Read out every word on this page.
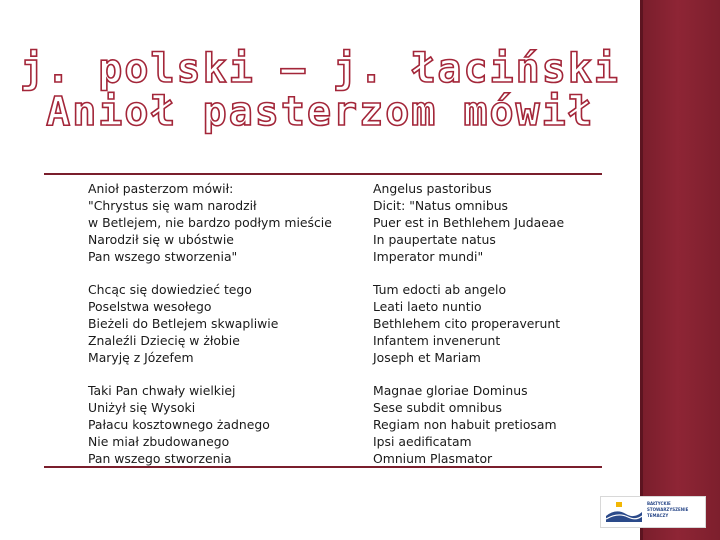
j. polski – j. łaciński
Anioł pasterzom mówił

Anioł pasterzom mówił:
"Chrystus się wam narodził
w Betlejem, nie bardzo podłym mieście
Narodził się w ubóstwie
Pan wszego stworzenia"

Chcąc się dowiedzieć tego
Poselstwa wesołego
Bieżeli do Betlejem skwapliwie
Znaleźli Dziecię w żłobie
Maryję z Józefem

Taki Pan chwały wielkiej
Uniżył się Wysoki
Pałacu kosztownego żadnego
Nie miał zbudowanego
Pan wszego stworzenia

Angelus pastoribus
Dicit: "Natus omnibus
Puer est in Bethlehem Judaeae
In paupertate natus
Imperator mundi"

Tum edocti ab angelo
Leati laeto nuntio
Bethlehem cito properaverunt
Infantem invenerunt
Joseph et Mariam

Magnae gloriae Dominus
Sese subdit omnibus
Regiam non habuit pretiosam
Ipsi aedificatam
Omnium Plasmator

BAŁTYCKIE
STOWARZYSZENIE
TEMACZY
